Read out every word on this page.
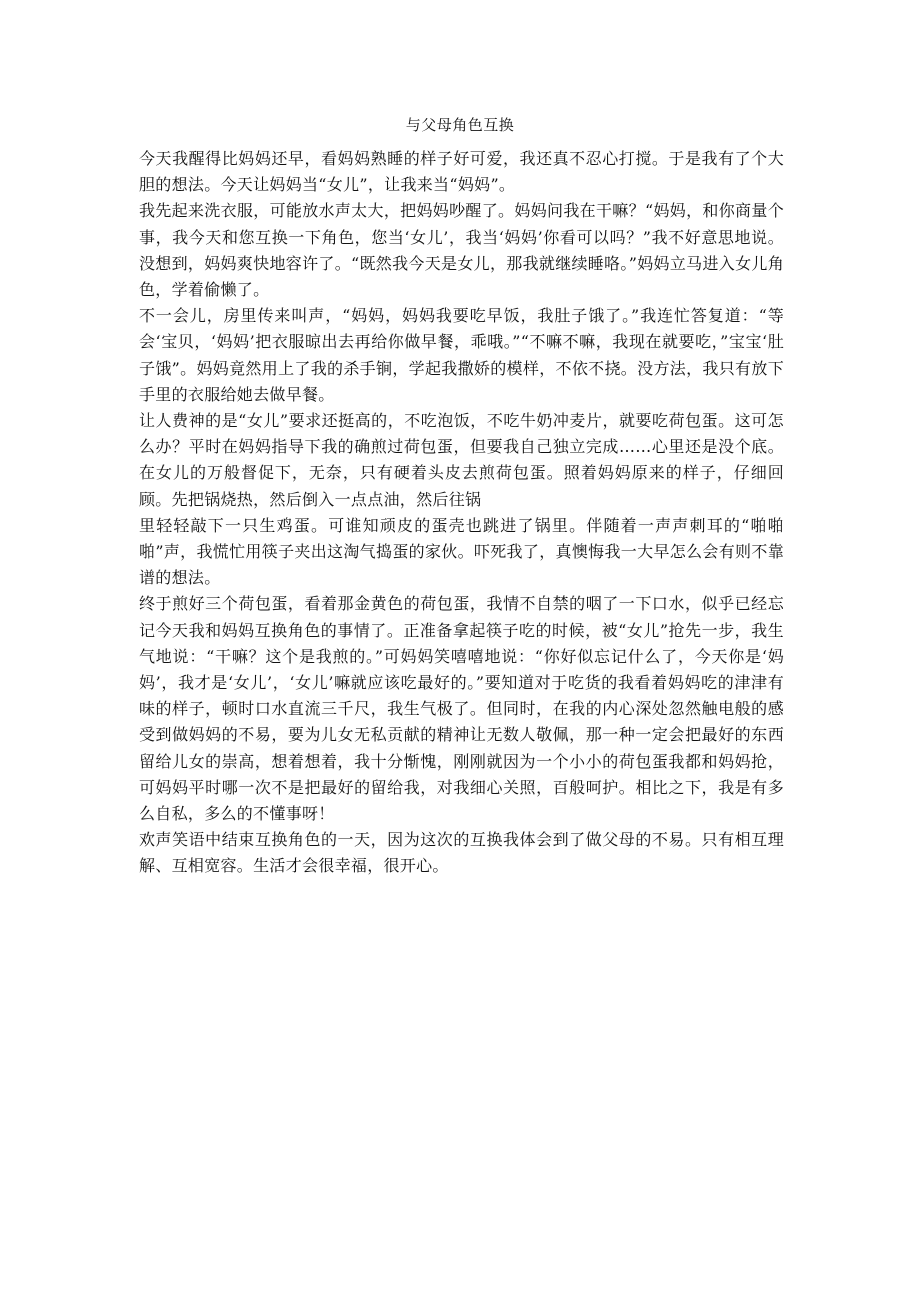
与父母角色互换

今天我醒得比妈妈还早，看妈妈熟睡的样子好可爱，我还真不忍心打搅。于是我有了个大胆的想法。今天让妈妈当“女儿”，让我来当“妈妈”。

我先起来洗衣服，可能放水声太大，把妈妈吵醒了。妈妈问我在干嘛？“妈妈，和你商量个事，我今天和您互换一下角色，您当‘女儿’，我当‘妈妈’你看可以吗？”我不好意思地说。没想到，妈妈爽快地容许了。“既然我今天是女儿，那我就继续睡咯。”妈妈立马进入女儿角色，学着偷懒了。

不一会儿，房里传来叫声，“妈妈，妈妈我要吃早饭，我肚子饿了。”我连忙答复道：“等会‘宝贝，‘妈妈’把衣服晾出去再给你做早餐，乖哦。”“不嘛不嘛，我现在就要吃，”宝宝‘肚子饿”。妈妈竟然用上了我的杀手锏，学起我撒娇的模样，不依不挠。没方法，我只有放下手里的衣服给她去做早餐。

让人费神的是“女儿”要求还挺高的，不吃泡饭，不吃牛奶冲麦片，就要吃荷包蛋。这可怎么办？平时在妈妈指导下我的确煎过荷包蛋，但要我自己独立完成……心里还是没个底。在女儿的万般督促下，无奈，只有硬着头皮去煎荷包蛋。照着妈妈原来的样子，仔细回顾。先把锅烧热，然后倒入一点点油，然后往锅

里轻轻敲下一只生鸡蛋。可谁知顽皮的蛋壳也跳进了锅里。伴随着一声声刺耳的“啪啪啪”声，我慌忙用筷子夹出这淘气捣蛋的家伙。吓死我了，真懊悔我一大早怎么会有则不靠谱的想法。

终于煎好三个荷包蛋，看着那金黄色的荷包蛋，我情不自禁的咽了一下口水，似乎已经忘记今天我和妈妈互换角色的事情了。正准备拿起筷子吃的时候，被“女儿”抢先一步，我生气地说：“干嘛？这个是我煎的。”可妈妈笑嘻嘻地说：“你好似忘记什么了，今天你是‘妈妈’，我才是‘女儿’，‘女儿’嘛就应该吃最好的。”要知道对于吃货的我看着妈妈吃的津津有味的样子，顿时口水直流三千尺，我生气极了。但同时，在我的内心深处忽然触电般的感受到做妈妈的不易，要为儿女无私贡献的精神让无数人敬佩，那一种一定会把最好的东西留给儿女的崇高，想着想着，我十分惭愧，刚刚就因为一个小小的荷包蛋我都和妈妈抢，可妈妈平时哪一次不是把最好的留给我，对我细心关照，百般呵护。相比之下，我是有多么自私，多么的不懂事呀！

欢声笑语中结束互换角色的一天，因为这次的互换我体会到了做父母的不易。只有相互理解、互相宽容。生活才会很幸福，很开心。
